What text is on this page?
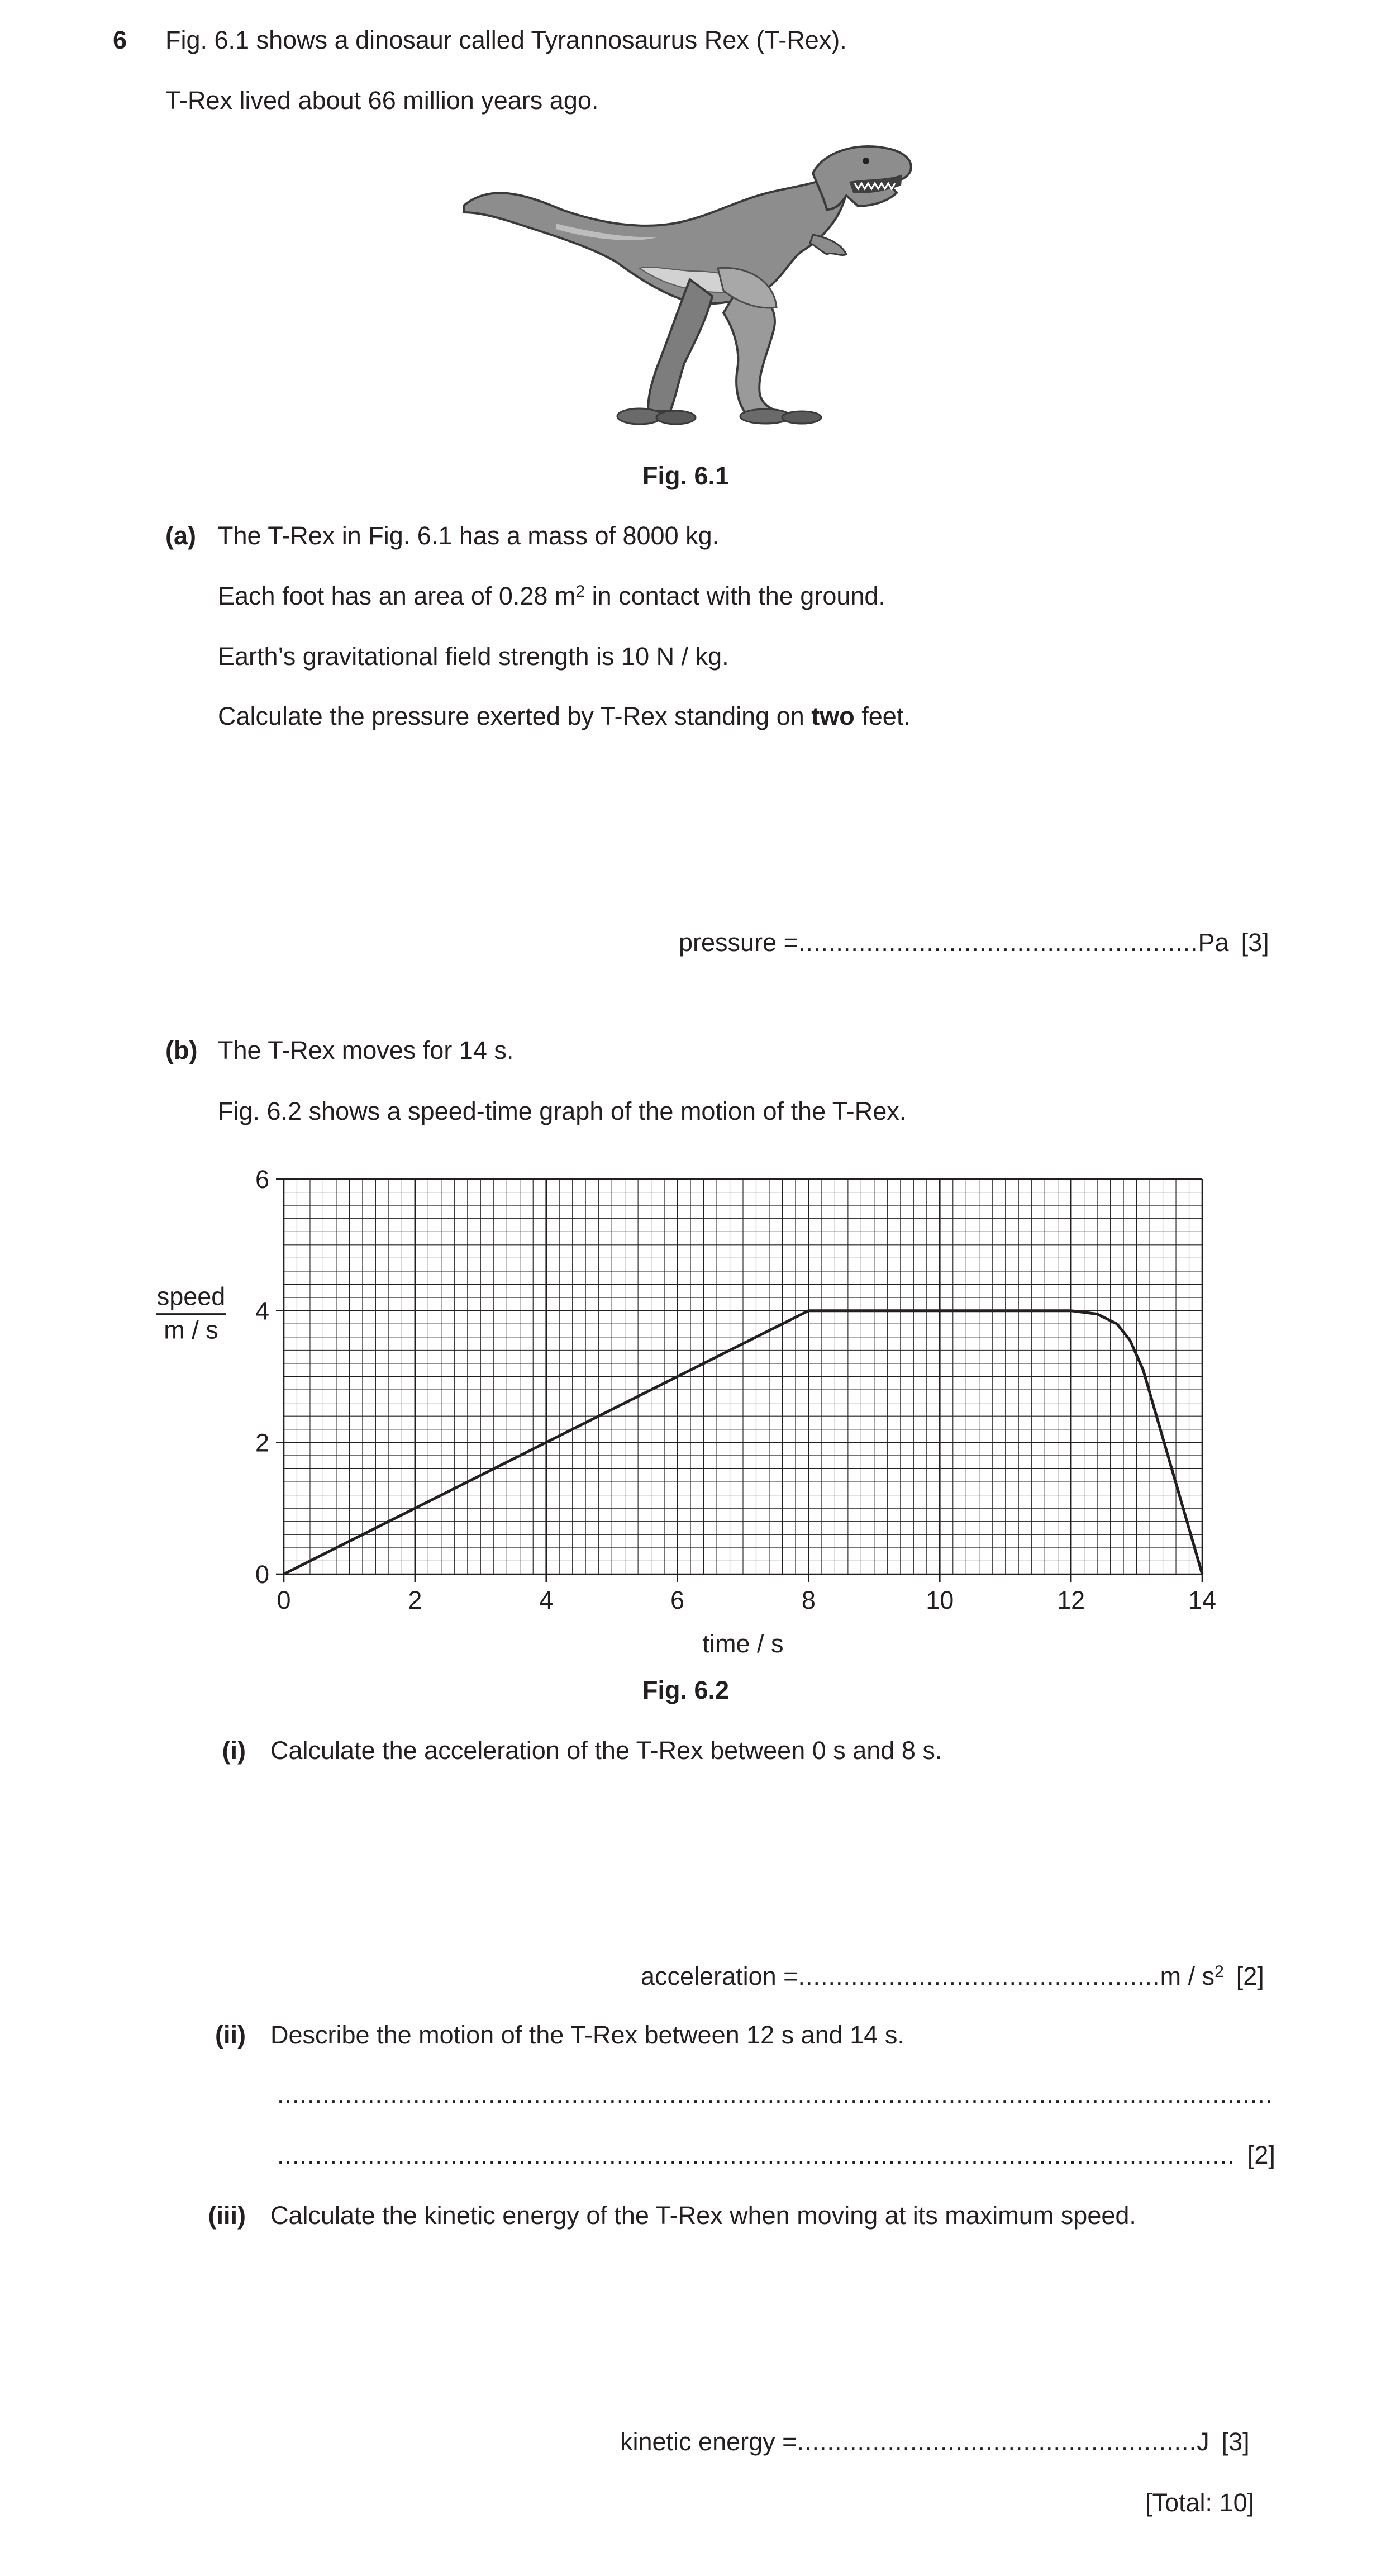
6 Fig. 6.1 shows a dinosaur called Tyrannosaurus Rex (T-Rex).
T-Rex lived about 66 million years ago.
Fig. 6.1
(a) The T-Rex in Fig. 6.1 has a mass of 8000 kg.
Each foot has an area of 0.28 $m^2$ in contact with the ground.
Earth’s gravitational field strength is 10 N / kg.
Calculate the pressure exerted by T-Rex standing on two feet.
pressure = ..................................................... Pa [3]
(b) The T-Rex moves for 14 s.
Fig. 6.2 shows a speed-time graph of the motion of the T-Rex.
0	2	4	6	8	10	12	14
0
2
4
6
speed
m / s
time / s
Fig. 6.2
(i) Calculate the acceleration of the T-Rex between 0 s and 8 s.
acceleration = ................................................ m / $s^2$ [2]
(ii) Describe the motion of the T-Rex between 12 s and 14 s.
....................................................................................................................................
............................................................................................................................... [2]
(iii) Calculate the kinetic energy of the T-Rex when moving at its maximum speed.
kinetic energy = ..................................................... J [3]
[Total: 10]
